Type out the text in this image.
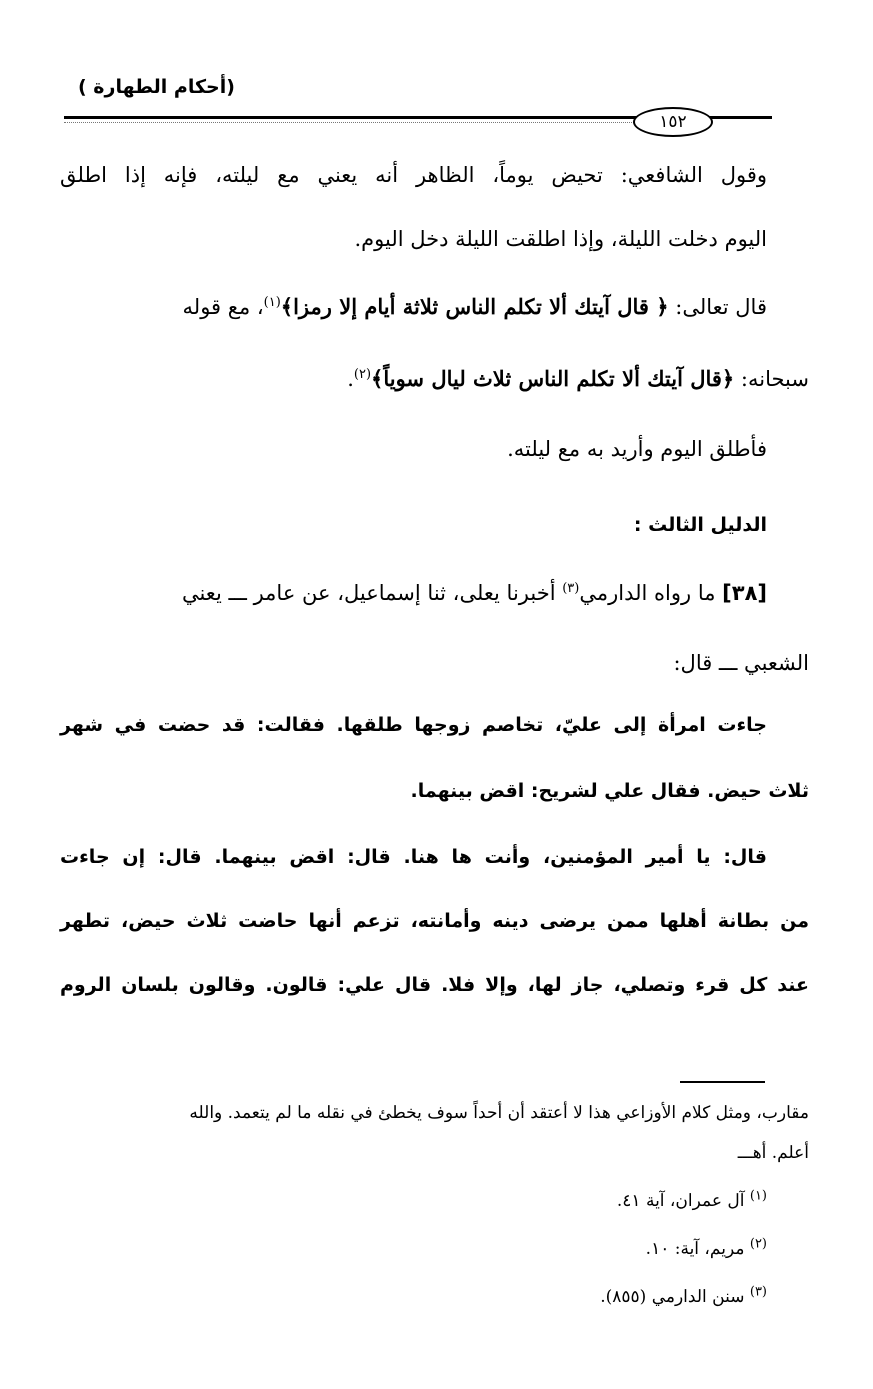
(أحكام الطهارة )
١٥٢
وقول الشافعي: تحيض يوماً، الظاهر أنه يعني مع ليلته، فإنه إذا اطلق
اليوم دخلت الليلة، وإذا اطلقت الليلة دخل اليوم.
قال تعالى: ﴿ قال آيتك ألا تكلم الناس ثلاثة أيام إلا رمزا﴾$^{(١)}$، مع قوله
سبحانه: ﴿قال آيتك ألا تكلم الناس ثلاث ليال سوياً﴾$^{(٢)}$.
فأطلق اليوم وأريد به مع ليلته.
الدليل الثالث :
[٣٨] ما رواه الدارمي$^{(٣)}$ أخبرنا يعلى، ثنا إسماعيل، عن عامر ـــ يعني
الشعبي ـــ قال:
جاءت امرأة إلى عليّ، تخاصم زوجها طلقها. فقالت: قد حضت في شهر
ثلاث حيض. فقال علي لشريح: اقض بينهما.
قال: يا أمير المؤمنين، وأنت ها هنا. قال: اقض بينهما. قال: إن جاءت
من بطانة أهلها ممن يرضى دينه وأمانته، تزعم أنها حاضت ثلاث حيض، تطهر
عند كل قرء وتصلي، جاز لها، وإلا فلا. قال علي: قالون. وقالون بلسان الروم
مقارب، ومثل كلام الأوزاعي هذا لا أعتقد أن أحداً سوف يخطئ في نقله ما لم يتعمد. والله
أعلم. أهـــ
$^{(١)}$ آل عمران، آية ٤١.
$^{(٢)}$ مريم، آية: ١٠.
$^{(٣)}$ سنن الدارمي (٨٥٥).
